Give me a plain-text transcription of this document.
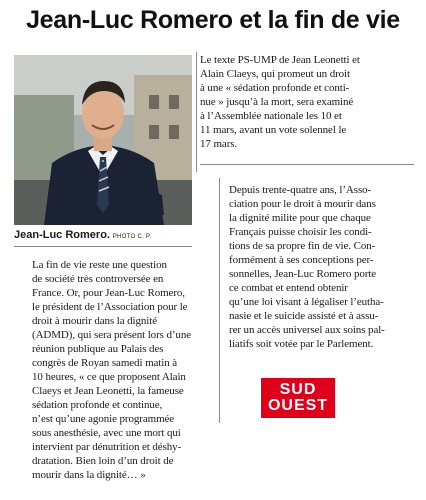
Jean-Luc Romero et la fin de vie
Jean-Luc Romero. PHOTO C. P.
Le texte PS-UMP de Jean Leonetti et
Alain Claeys, qui promeut un droit
à une « sédation profonde et conti-
nue » jusqu’à la mort, sera examiné
à l’Assemblée nationale les 10 et
11 mars, avant un vote solennel le
17 mars.
La fin de vie reste une question
de société très controversée en
France. Or, pour Jean-Luc Romero,
le président de l’Association pour le
droit à mourir dans la dignité
(ADMD), qui sera présent lors d’une
réunion publique au Palais des
congrès de Royan samedi matin à
10 heures, « ce que proposent Alain
Claeys et Jean Leonetti, la fameuse
sédation profonde et continue,
n’est qu’une agonie programmée
sous anesthésie, avec une mort qui
intervient par dénutrition et déshy-
dratation. Bien loin d’un droit de
mourir dans la dignité… »
Depuis trente-quatre ans, l’Asso-
ciation pour le droit à mourir dans
la dignité milite pour que chaque
Français puisse choisir les condi-
tions de sa propre fin de vie. Con-
formément à ses conceptions per-
sonnelles, Jean-Luc Romero porte
ce combat et entend obtenir
qu’une loi visant à légaliser l’eutha-
nasie et le suicide assisté et à assu-
rer un accès universel aux soins pal-
liatifs soit votée par le Parlement.
SUD
OUEST
